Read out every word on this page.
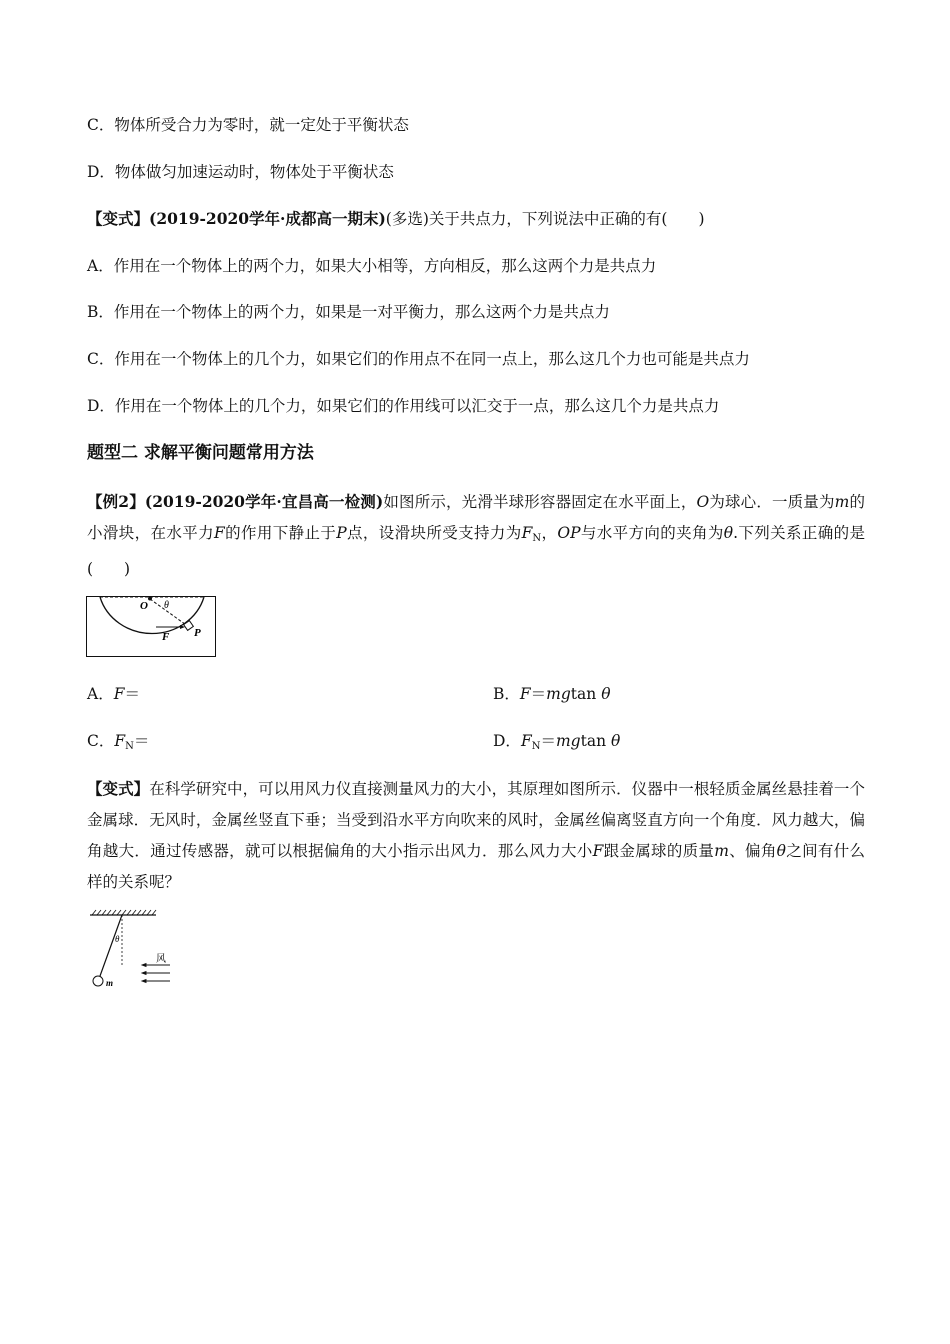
C．物体所受合力为零时，就一定处于平衡状态
D．物体做匀加速运动时，物体处于平衡状态
【变式】(2019-2020学年·成都高一期末)(多选)关于共点力，下列说法中正确的有(　　)
A．作用在一个物体上的两个力，如果大小相等，方向相反，那么这两个力是共点力
B．作用在一个物体上的两个力，如果是一对平衡力，那么这两个力是共点力
C．作用在一个物体上的几个力，如果它们的作用点不在同一点上，那么这几个力也可能是共点力
D．作用在一个物体上的几个力，如果它们的作用线可以汇交于一点，那么这几个力是共点力
题型二 求解平衡问题常用方法
【例2】(2019-2020学年·宜昌高一检测)如图所示，光滑半球形容器固定在水平面上，O为球心．一质量为m的小滑块，在水平力F的作用下静止于P点，设滑块所受支持力为$F_N$，OP与水平方向的夹角为θ.下列关系正确的是(　　)
O θ
F P
A．F＝	B．F＝mgtan θ
C．$F_N=$	D．$F_N=mgtan$ θ
【变式】在科学研究中，可以用风力仪直接测量风力的大小，其原理如图所示．仪器中一根轻质金属丝悬挂着一个金属球．无风时，金属丝竖直下垂；当受到沿水平方向吹来的风时，金属丝偏离竖直方向一个角度．风力越大，偏角越大．通过传感器，就可以根据偏角的大小指示出风力．那么风力大小F跟金属球的质量m、偏角θ之间有什么样的关系呢？
θ
m
风
